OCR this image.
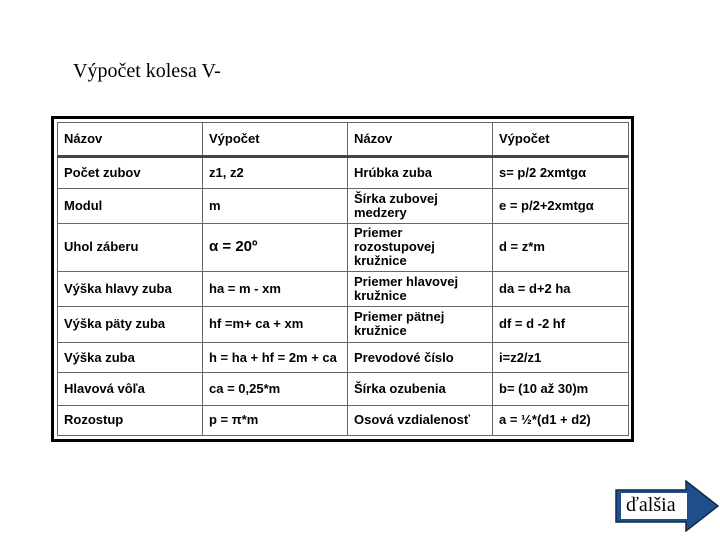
Výpočet kolesa V-
Názov	Výpočet	Názov	Výpočet
Počet zubov	z1, z2	Hrúbka zuba	s= p/2 2xmtgα
Modul	m	Šírka zubovej medzery	e = p/2+2xmtgα
Uhol záberu	α = 20º	Priemer rozostupovej kružnice	d = z*m
Výška hlavy zuba	ha = m - xm	Priemer hlavovej kružnice	da = d+2 ha
Výška päty zuba	hf =m+ ca + xm	Priemer pätnej kružnice	df = d -2 hf
Výška zuba	h = ha + hf = 2m + ca	Prevodové číslo	i=z2/z1
Hlavová vôľa	ca = 0,25*m	Šírka ozubenia	b= (10 až 30)m
Rozostup	p = π*m	Osová vzdialenosť	a = ½*(d1 + d2)
ďalšia
